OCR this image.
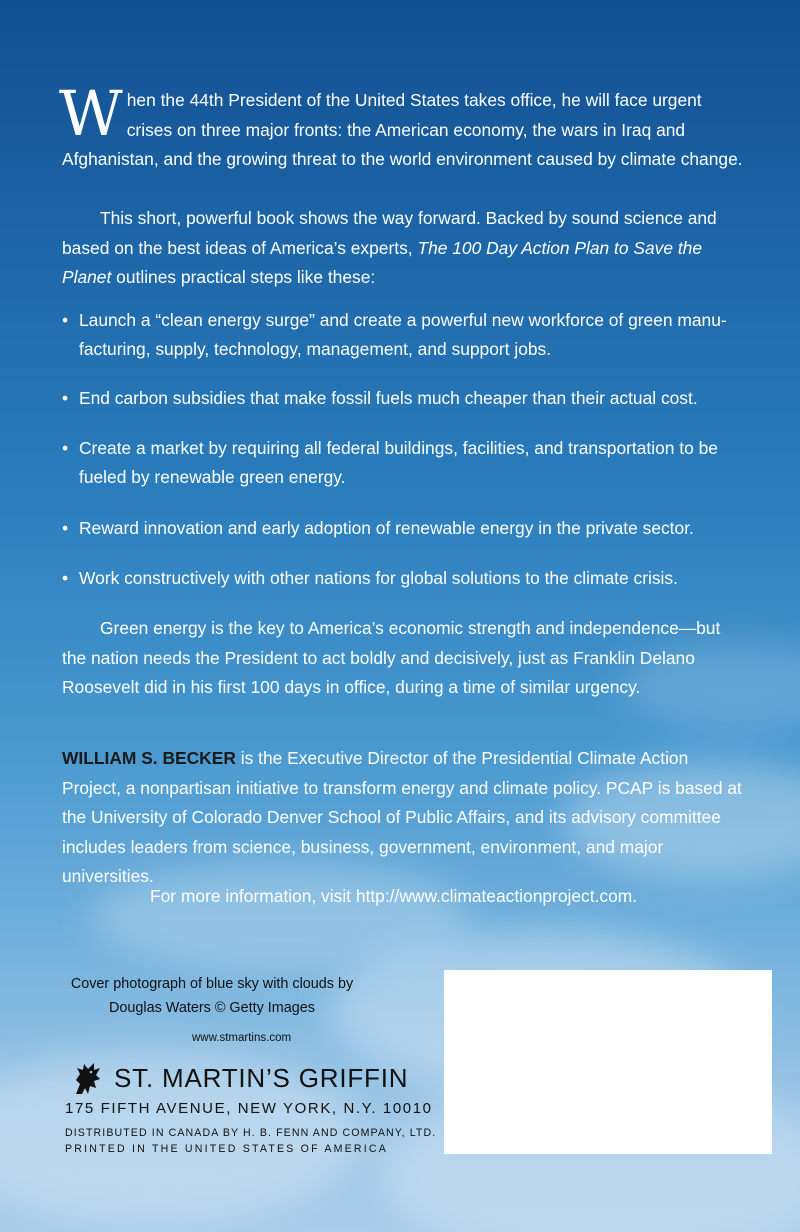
When the 44th President of the United States takes office, he will face urgent crises on three major fronts: the American economy, the wars in Iraq and Afghanistan, and the growing threat to the world environment caused by climate change.

This short, powerful book shows the way forward. Backed by sound science and based on the best ideas of America’s experts, The 100 Day Action Plan to Save the Planet outlines practical steps like these:

• Launch a “clean energy surge” and create a powerful new workforce of green manu-facturing, supply, technology, management, and support jobs.
• End carbon subsidies that make fossil fuels much cheaper than their actual cost.
• Create a market by requiring all federal buildings, facilities, and transportation to be fueled by renewable green energy.
• Reward innovation and early adoption of renewable energy in the private sector.
• Work constructively with other nations for global solutions to the climate crisis.

Green energy is the key to America’s economic strength and independence—but the nation needs the President to act boldly and decisively, just as Franklin Delano Roosevelt did in his first 100 days in office, during a time of similar urgency.

WILLIAM S. BECKER is the Executive Director of the Presidential Climate Action Project, a nonpartisan initiative to transform energy and climate policy. PCAP is based at the University of Colorado Denver School of Public Affairs, and its advisory committee includes leaders from science, business, government, environment, and major universities.

For more information, visit http://www.climateactionproject.com.

Cover photograph of blue sky with clouds by Douglas Waters © Getty Images
www.stmartins.com
ST. MARTIN’S GRIFFIN
175 FIFTH AVENUE, NEW YORK, N.Y. 10010
DISTRIBUTED IN CANADA BY H. B. FENN AND COMPANY, LTD.
PRINTED IN THE UNITED STATES OF AMERICA
